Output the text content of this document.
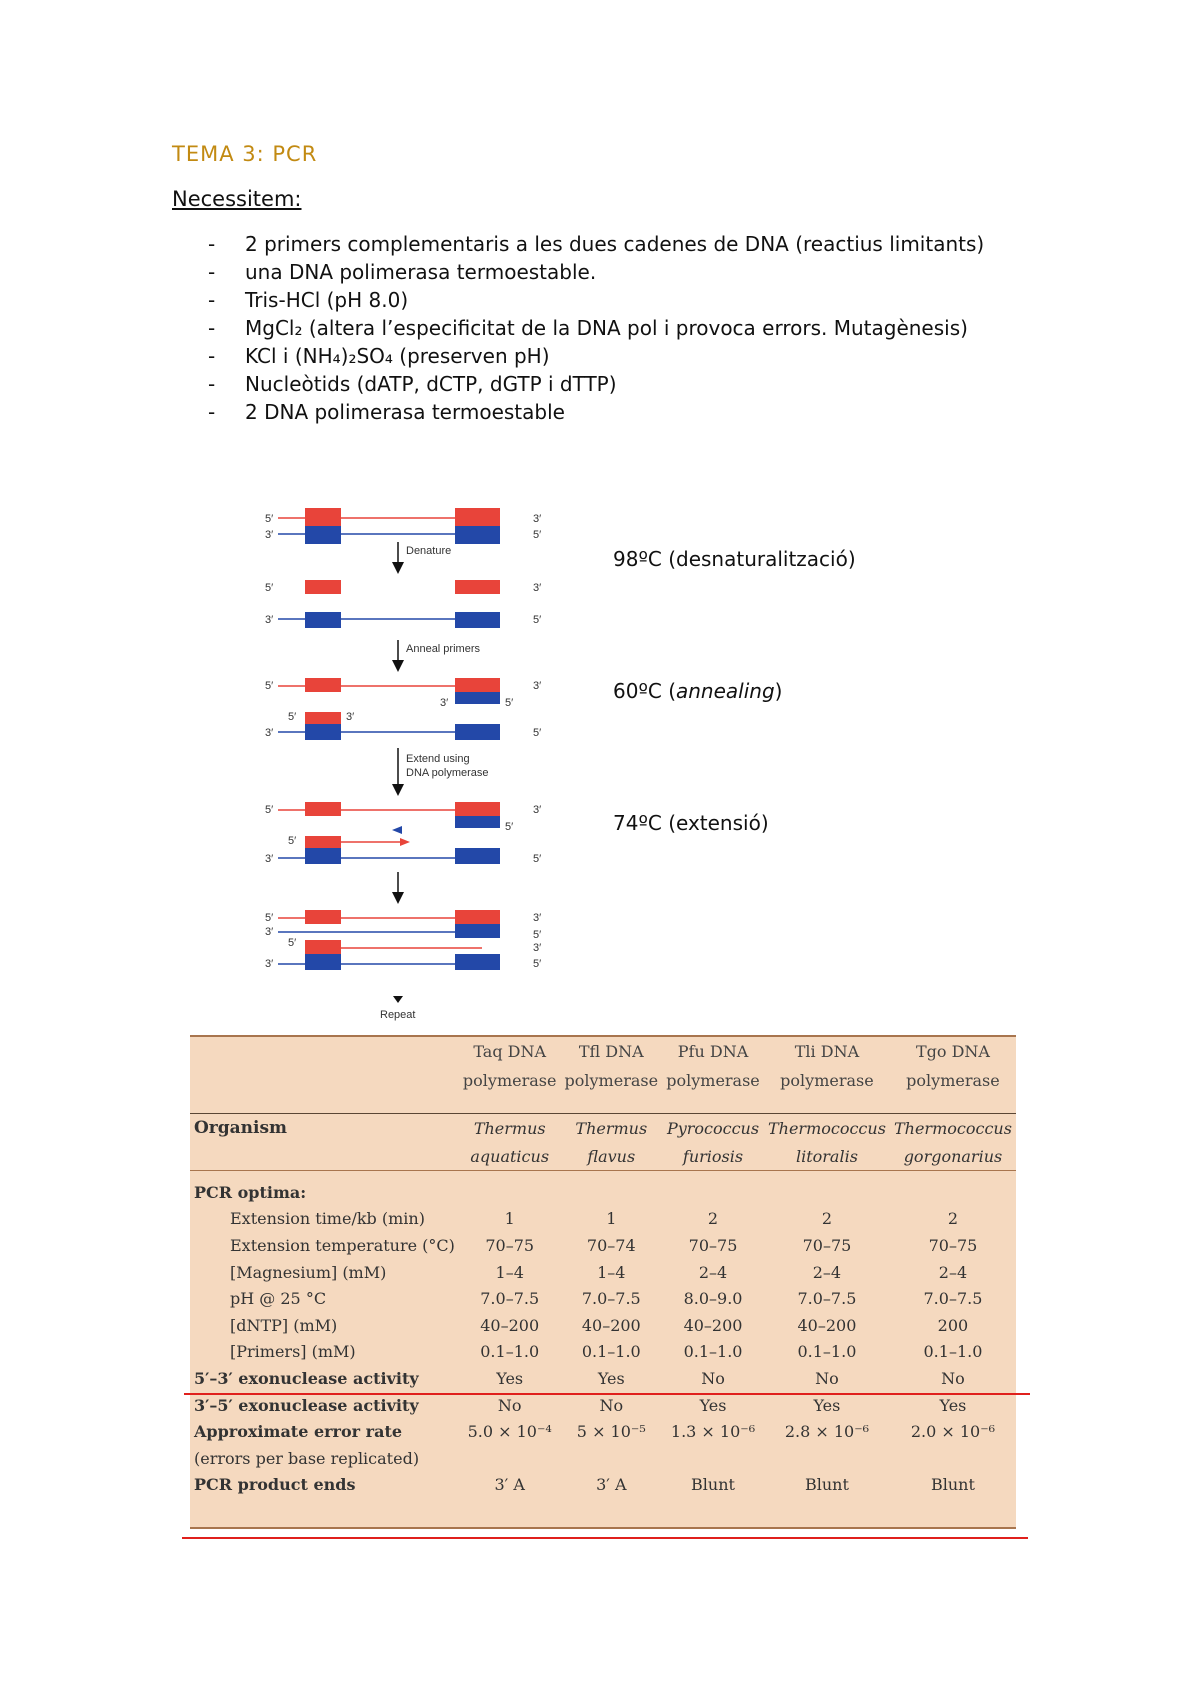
TEMA 3: PCR
Necessitem:
- 2 primers complementaris a les dues cadenes de DNA (reactius limitants)
- una DNA polimerasa termoestable.
- Tris-HCl (pH 8.0)
- MgCl₂ (altera l’especificitat de la DNA pol i provoca errors. Mutagènesis)
- KCl i (NH₄)₂SO₄ (preserven pH)
- Nucleòtids (dATP, dCTP, dGTP i dTTP)
- 2 DNA polimerasa termoestable
5′
3′
3′
5′
Denature
5′	3′
3′	5′
Anneal primers
3′	5′
5′	3′
5′	3′
3′	5′
Extend using
DNA polymerase
5′
5′	3′
5′
3′	5′
5′
3′
3′
5′
5′	3′
3′	5′
Repeat
98ºC (desnaturalització)
60ºC (annealing)
74ºC (extensió)
	Taq DNA	Tfl DNA	Pfu DNA	Tli DNA	Tgo DNA
	polymerase	polymerase	polymerase	polymerase	polymerase

Organism	Thermus	Thermus	Pyrococcus	Thermococcus	Thermococcus
	aquaticus	flavus	furiosis	litoralis	gorgonarius

PCR optima:					
Extension time/kb (min)	1	1	2	2	2
Extension temperature (°C)	70–75	70–74	70–75	70–75	70–75
[Magnesium] (mM)	1–4	1–4	2–4	2–4	2–4
pH @ 25 °C	7.0–7.5	7.0–7.5	8.0–9.0	7.0–7.5	7.0–7.5
[dNTP] (mM)	40–200	40–200	40–200	40–200	200
[Primers] (mM)	0.1–1.0	0.1–1.0	0.1–1.0	0.1–1.0	0.1–1.0
5′–3′ exonuclease activity	Yes	Yes	No	No	No
3′–5′ exonuclease activity	No	No	Yes	Yes	Yes
Approximate error rate	5.0 × 10⁻⁴	5 × 10⁻⁵	1.3 × 10⁻⁶	2.8 × 10⁻⁶	2.0 × 10⁻⁶
(errors per base replicated)					
PCR product ends	3′ A	3′ A	Blunt	Blunt	Blunt
